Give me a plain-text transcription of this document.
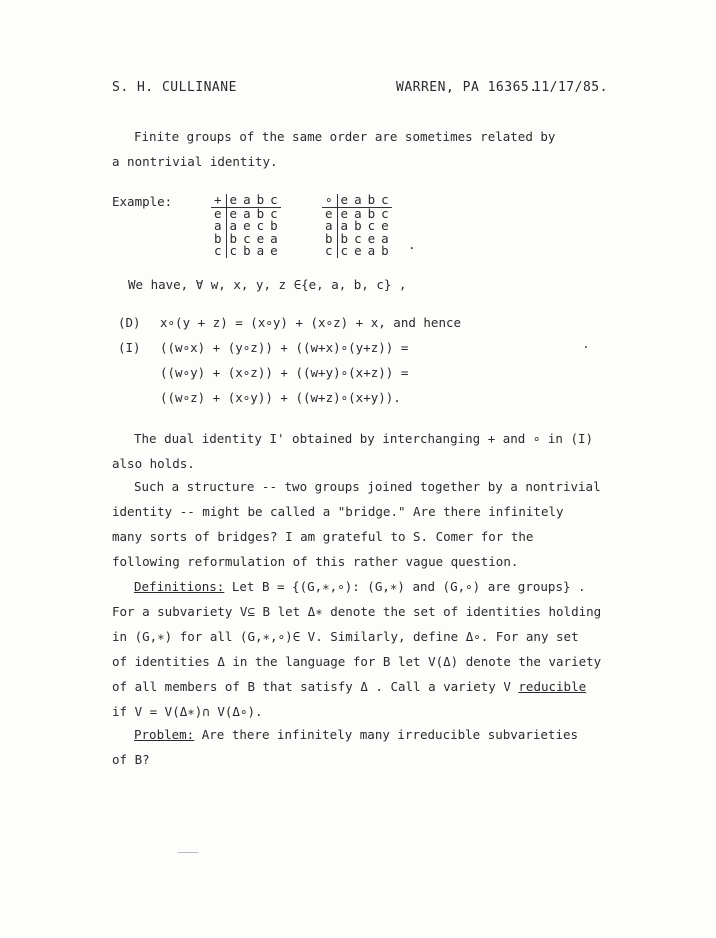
S. H. CULLINANE	WARREN, PA 16365.
11/17/85.
Finite groups of the same order are sometimes related by
a nontrivial identity.
Example:	+	e	a	b	c
e	e	a	b	c
a	a	e	c	b
b	b	c	e	a
c	c	b	a	e
∘	e	a	b	c
e	e	a	b	c
a	a	b	c	e
b	b	c	e	a
c	c	e	a	b .
We have, ∀ w, x, y, z ∈{e, a, b, c} ,
(D) x∘(y + z) = (x∘y) + (x∘z) + x, and hence
(I) ((w∘x) + (y∘z)) + ((w+x)∘(y+z)) =
((w∘y) + (x∘z)) + ((w+y)∘(x+z)) =
((w∘z) + (x∘y)) + ((w+z)∘(x+y)).
The dual identity I' obtained by interchanging + and ∘ in (I)
also holds.
Such a structure -- two groups joined together by a nontrivial
identity -- might be called a "bridge." Are there infinitely
many sorts of bridges? I am grateful to S. Comer for the
following reformulation of this rather vague question.
Definitions: Let B = {(G,∗,∘): (G,∗) and (G,∘) are groups} .
For a subvariety V⊆ B let Δ∗ denote the set of identities holding
in (G,∗) for all (G,∗,∘)∈ V. Similarly, define Δ∘. For any set
of identities Δ in the language for B let V(Δ) denote the variety
of all members of B that satisfy Δ . Call a variety V reducible
if V = V(Δ∗)∩ V(Δ∘).
Problem: Are there infinitely many irreducible subvarieties
of B?
